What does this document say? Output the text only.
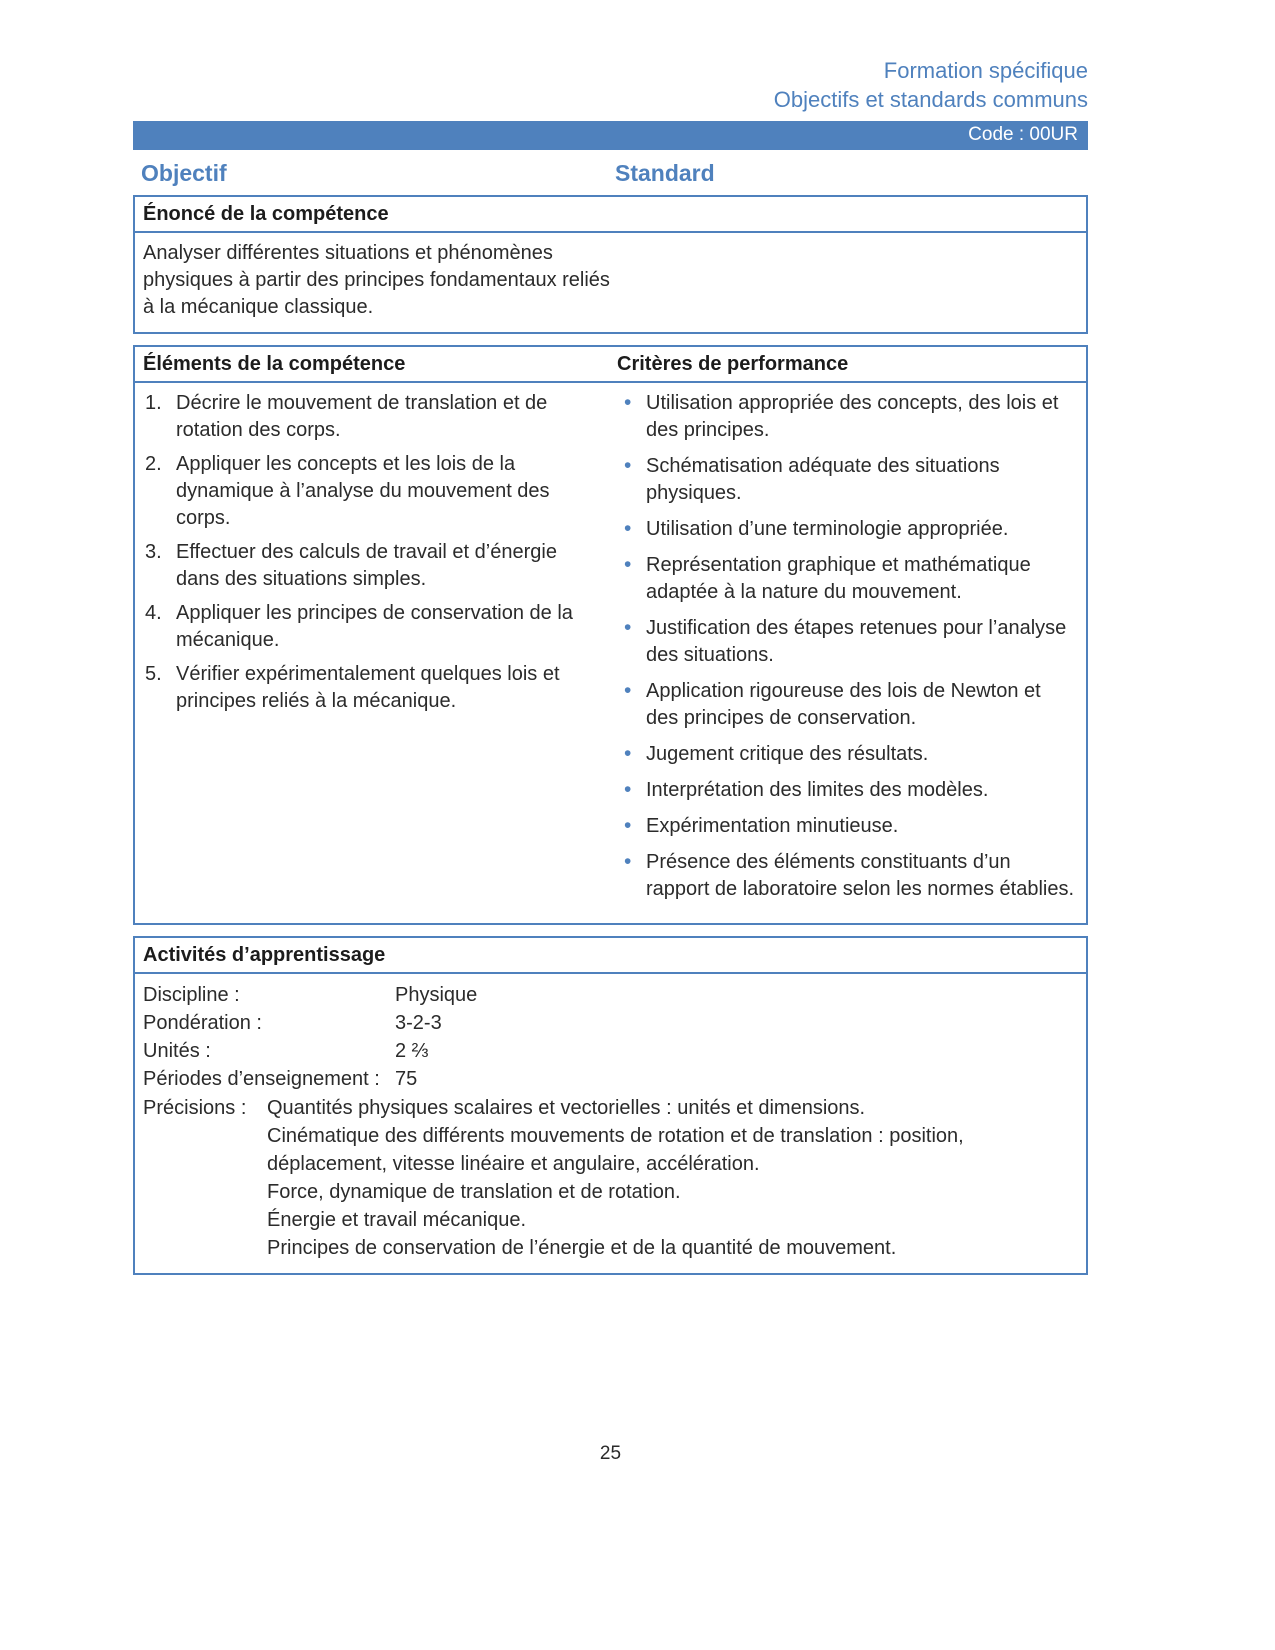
Formation spécifique
Objectifs et standards communs
Code : 00UR
Objectif	Standard
Énoncé de la compétence

Analyser différentes situations et phénomènes physiques à partir des principes fondamentaux reliés à la mécanique classique.

Éléments de la compétence	Critères de performance
Décrire le mouvement de translation et de rotation des corps.
Appliquer les concepts et les lois de la dynamique à l’analyse du mouvement des corps.
Effectuer des calculs de travail et d’énergie dans des situations simples.
Appliquer les principes de conservation de la mécanique.
Vérifier expérimentalement quelques lois et principes reliés à la mécanique.
• Utilisation appropriée des concepts, des lois et des principes.
• Schématisation adéquate des situations physiques.
• Utilisation d’une terminologie appropriée.
• Représentation graphique et mathématique adaptée à la nature du mouvement.
• Justification des étapes retenues pour l’analyse des situations.
• Application rigoureuse des lois de Newton et des principes de conservation.
• Jugement critique des résultats.
• Interprétation des limites des modèles.
• Expérimentation minutieuse.
• Présence des éléments constituants d’un rapport de laboratoire selon les normes établies.
Activités d’apprentissage
Discipline :	Physique
Pondération :	3-2-3
Unités :	2 ⅔
Périodes d’enseignement : 75
Précisions :	Quantités physiques scalaires et vectorielles : unités et dimensions.
Cinématique des différents mouvements de rotation et de translation : position, déplacement, vitesse linéaire et angulaire, accélération.
Force, dynamique de translation et de rotation.
Énergie et travail mécanique.
Principes de conservation de l’énergie et de la quantité de mouvement.
25
